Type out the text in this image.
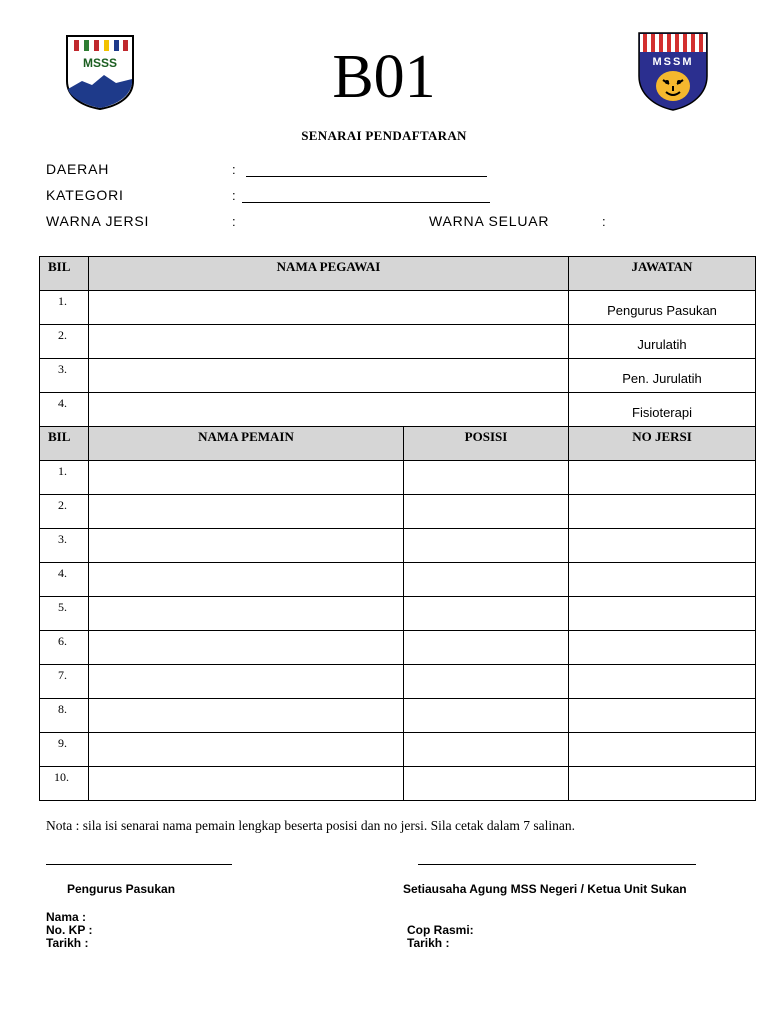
MSSS	MSSM
B01
SENARAI PENDAFTARAN
DAERAH	:
KATEGORI	:
WARNA JERSI	:	WARNA SELUAR	:
BIL	NAMA PEGAWAI	JAWATAN
1.		Pengurus Pasukan
2.		Jurulatih
3.		Pen. Jurulatih
4.		Fisioterapi
BIL	NAMA PEMAIN	POSISI	NO JERSI
1.			
2.			
3.			
4.			
5.			
6.			
7.			
8.			
9.			
10.			
Nota : sila isi senarai nama pemain lengkap beserta posisi dan no jersi. Sila cetak dalam 7 salinan.
Pengurus Pasukan	Setiausaha Agung MSS Negeri / Ketua Unit Sukan
Nama :
No. KP :
Tarikh :
Cop Rasmi:
Tarikh :
